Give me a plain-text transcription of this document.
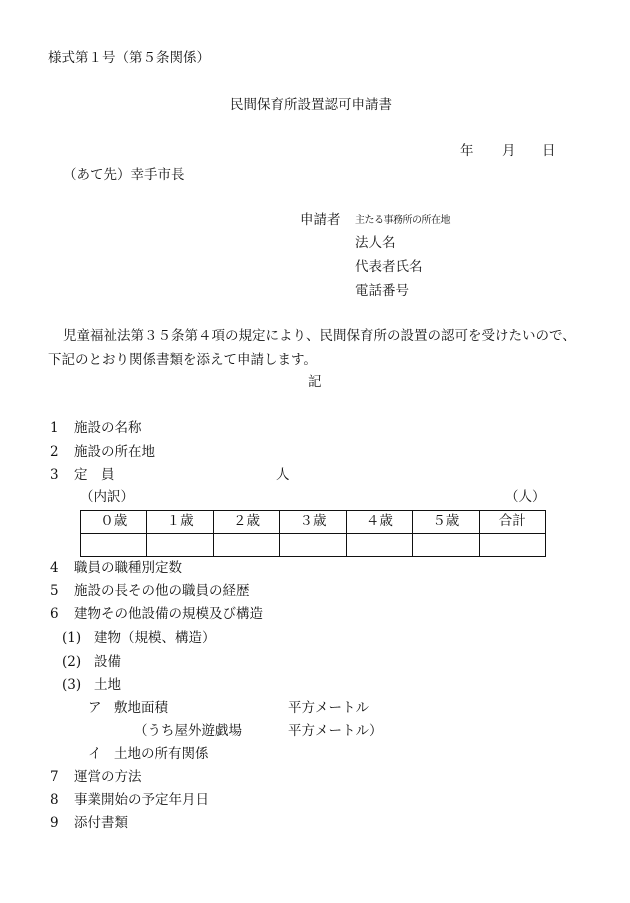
様式第１号（第５条関係）
民間保育所設置認可申請書
年 月 日
（あて先）幸手市長
申請者 主たる事務所の所在地
法人名
代表者氏名
電話番号
児童福祉法第３５条第４項の規定により、民間保育所の設置の認可を受けたいので、
下記のとおり関係書類を添えて申請します。
記
1 施設の名称
2 施設の所在地
3 定　員	人
（内訳）	（人）
０歳	１歳	２歳	３歳	４歳	５歳	合計

4 職員の職種別定数
5 施設の長その他の職員の経歴
6 建物その他設備の規模及び構造
(1) 建物（規模、構造）
(2) 設備
(3) 土地
ア 敷地面積	平方メートル
（うち屋外遊戯場	平方メートル）
イ 土地の所有関係
7 運営の方法
8 事業開始の予定年月日
9 添付書類
